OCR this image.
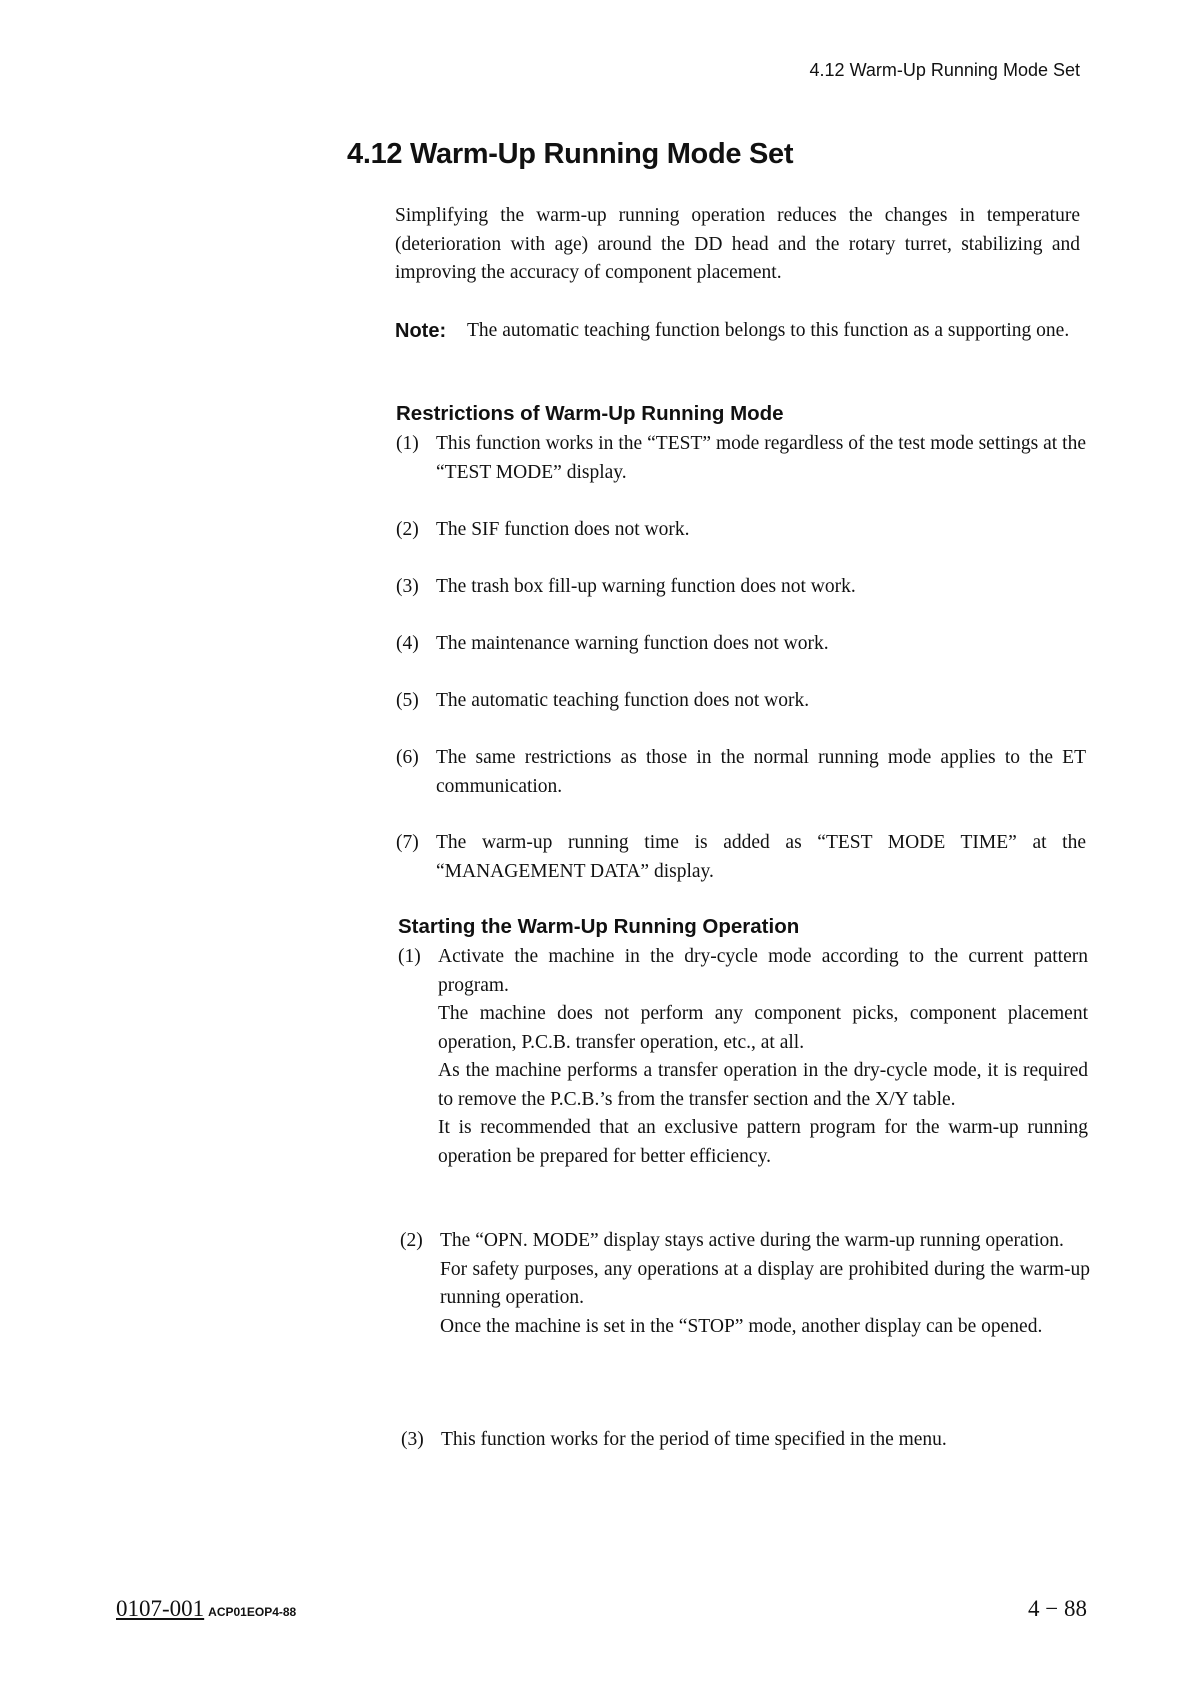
4.12 Warm-Up Running Mode Set
4.12 Warm-Up Running Mode Set
Simplifying the warm-up running operation reduces the changes in temperature (deterioration with age) around the DD head and the rotary turret, stabilizing and improving the accuracy of component placement.
Note:	The automatic teaching function belongs to this function as a supporting one.
Restrictions of Warm-Up Running Mode
(1) This function works in the “TEST” mode regardless of the test mode settings at the “TEST MODE” display.
(2) The SIF function does not work.
(3) The trash box fill-up warning function does not work.
(4) The maintenance warning function does not work.
(5) The automatic teaching function does not work.
(6) The same restrictions as those in the normal running mode applies to the ET communication.
(7) The warm-up running time is added as “TEST MODE TIME” at the “MANAGEMENT DATA” display.
Starting the Warm-Up Running Operation
(1) Activate the machine in the dry-cycle mode according to the current pattern program.
The machine does not perform any component picks, component placement operation, P.C.B. transfer operation, etc., at all.
As the machine performs a transfer operation in the dry-cycle mode, it is required to remove the P.C.B.’s from the transfer section and the X/Y table.
It is recommended that an exclusive pattern program for the warm-up running operation be prepared for better efficiency.
(2) The “OPN. MODE” display stays active during the warm-up running operation.
For safety purposes, any operations at a display are prohibited during the warm-up running operation.
Once the machine is set in the “STOP” mode, another display can be opened.
(3) This function works for the period of time specified in the menu.
0107-001 ACP01EOP4-88	4 − 88
